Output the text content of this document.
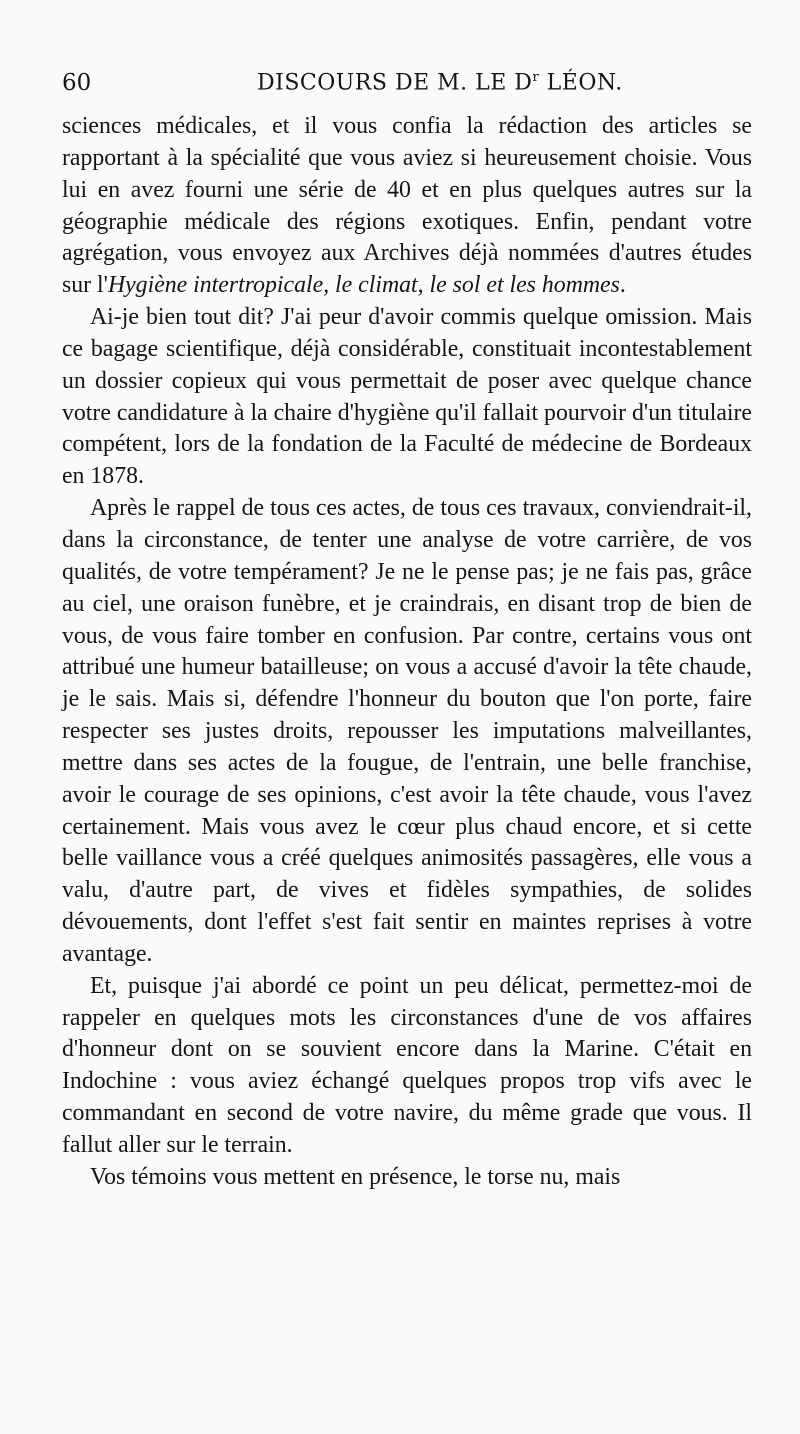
60	DISCOURS DE M. LE $D^r$ LÉON.

sciences médicales, et il vous confia la rédaction des articles se rapportant à la spécialité que vous aviez si heureusement choisie. Vous lui en avez fourni une série de 40 et en plus quelques autres sur la géographie médicale des régions exotiques. Enfin, pendant votre agrégation, vous envoyez aux Archives déjà nommées d'autres études sur l'Hygiène intertropicale, le climat, le sol et les hommes.

Ai-je bien tout dit? J'ai peur d'avoir commis quelque omission. Mais ce bagage scientifique, déjà considérable, constituait incontestablement un dossier copieux qui vous permettait de poser avec quelque chance votre candidature à la chaire d'hygiène qu'il fallait pourvoir d'un titulaire compétent, lors de la fondation de la Faculté de médecine de Bordeaux en 1878.

Après le rappel de tous ces actes, de tous ces travaux, conviendrait-il, dans la circonstance, de tenter une analyse de votre carrière, de vos qualités, de votre tempérament? Je ne le pense pas; je ne fais pas, grâce au ciel, une oraison funèbre, et je craindrais, en disant trop de bien de vous, de vous faire tomber en confusion. Par contre, certains vous ont attribué une humeur batailleuse; on vous a accusé d'avoir la tête chaude, je le sais. Mais si, défendre l'honneur du bouton que l'on porte, faire respecter ses justes droits, repousser les imputations malveillantes, mettre dans ses actes de la fougue, de l'entrain, une belle franchise, avoir le courage de ses opinions, c'est avoir la tête chaude, vous l'avez certainement. Mais vous avez le cœur plus chaud encore, et si cette belle vaillance vous a créé quelques animosités passagères, elle vous a valu, d'autre part, de vives et fidèles sympathies, de solides dévouements, dont l'effet s'est fait sentir en maintes reprises à votre avantage.

Et, puisque j'ai abordé ce point un peu délicat, permettez-moi de rappeler en quelques mots les circonstances d'une de vos affaires d'honneur dont on se souvient encore dans la Marine. C'était en Indochine : vous aviez échangé quelques propos trop vifs avec le commandant en second de votre navire, du même grade que vous. Il fallut aller sur le terrain.

Vos témoins vous mettent en présence, le torse nu, mais
